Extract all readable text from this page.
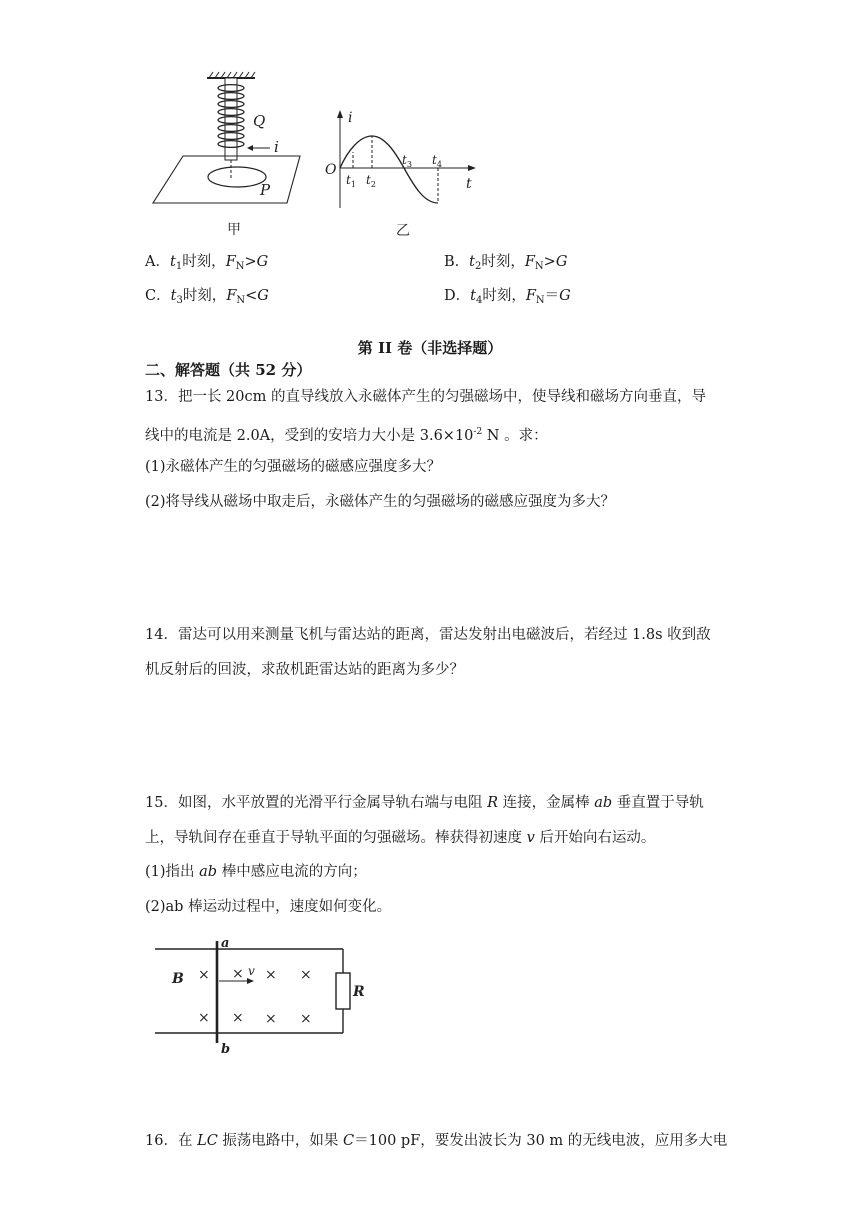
Q
i
P
甲
i
t
O
$t_1$ $t_2$
$t_3$ $t_4$
乙
A．$t_1$时刻，$F_N>G$	B．$t_2$时刻，$F_N>G$
C．$t_3$时刻，$F_N<G$	D．$t_4$时刻，$F_N=G$
第 II 卷（非选择题）
二、解答题（共 52 分）
13．把一长 20cm 的直导线放入永磁体产生的匀强磁场中，使导线和磁场方向垂直，导
线中的电流是 2.0A，受到的安培力大小是 $3.6\times 10^{-2}$ N 。求：
(1)永磁体产生的匀强磁场的磁感应强度多大？
(2)将导线从磁场中取走后，永磁体产生的匀强磁场的磁感应强度为多大？
14．雷达可以用来测量飞机与雷达站的距离，雷达发射出电磁波后，若经过 1.8s 收到敌
机反射后的回波，求敌机距雷达站的距离为多少？
15．如图，水平放置的光滑平行金属导轨右端与电阻 R 连接，金属棒 ab 垂直置于导轨
上，导轨间存在垂直于导轨平面的匀强磁场。棒获得初速度 v 后开始向右运动。
(1)指出 ab 棒中感应电流的方向；
(2)ab 棒运动过程中，速度如何变化。
× × × ×
× × × ×
a
b
B	v
R
16．在 LC 振荡电路中，如果 C＝100 pF，要发出波长为 30 m 的无线电波，应用多大电
